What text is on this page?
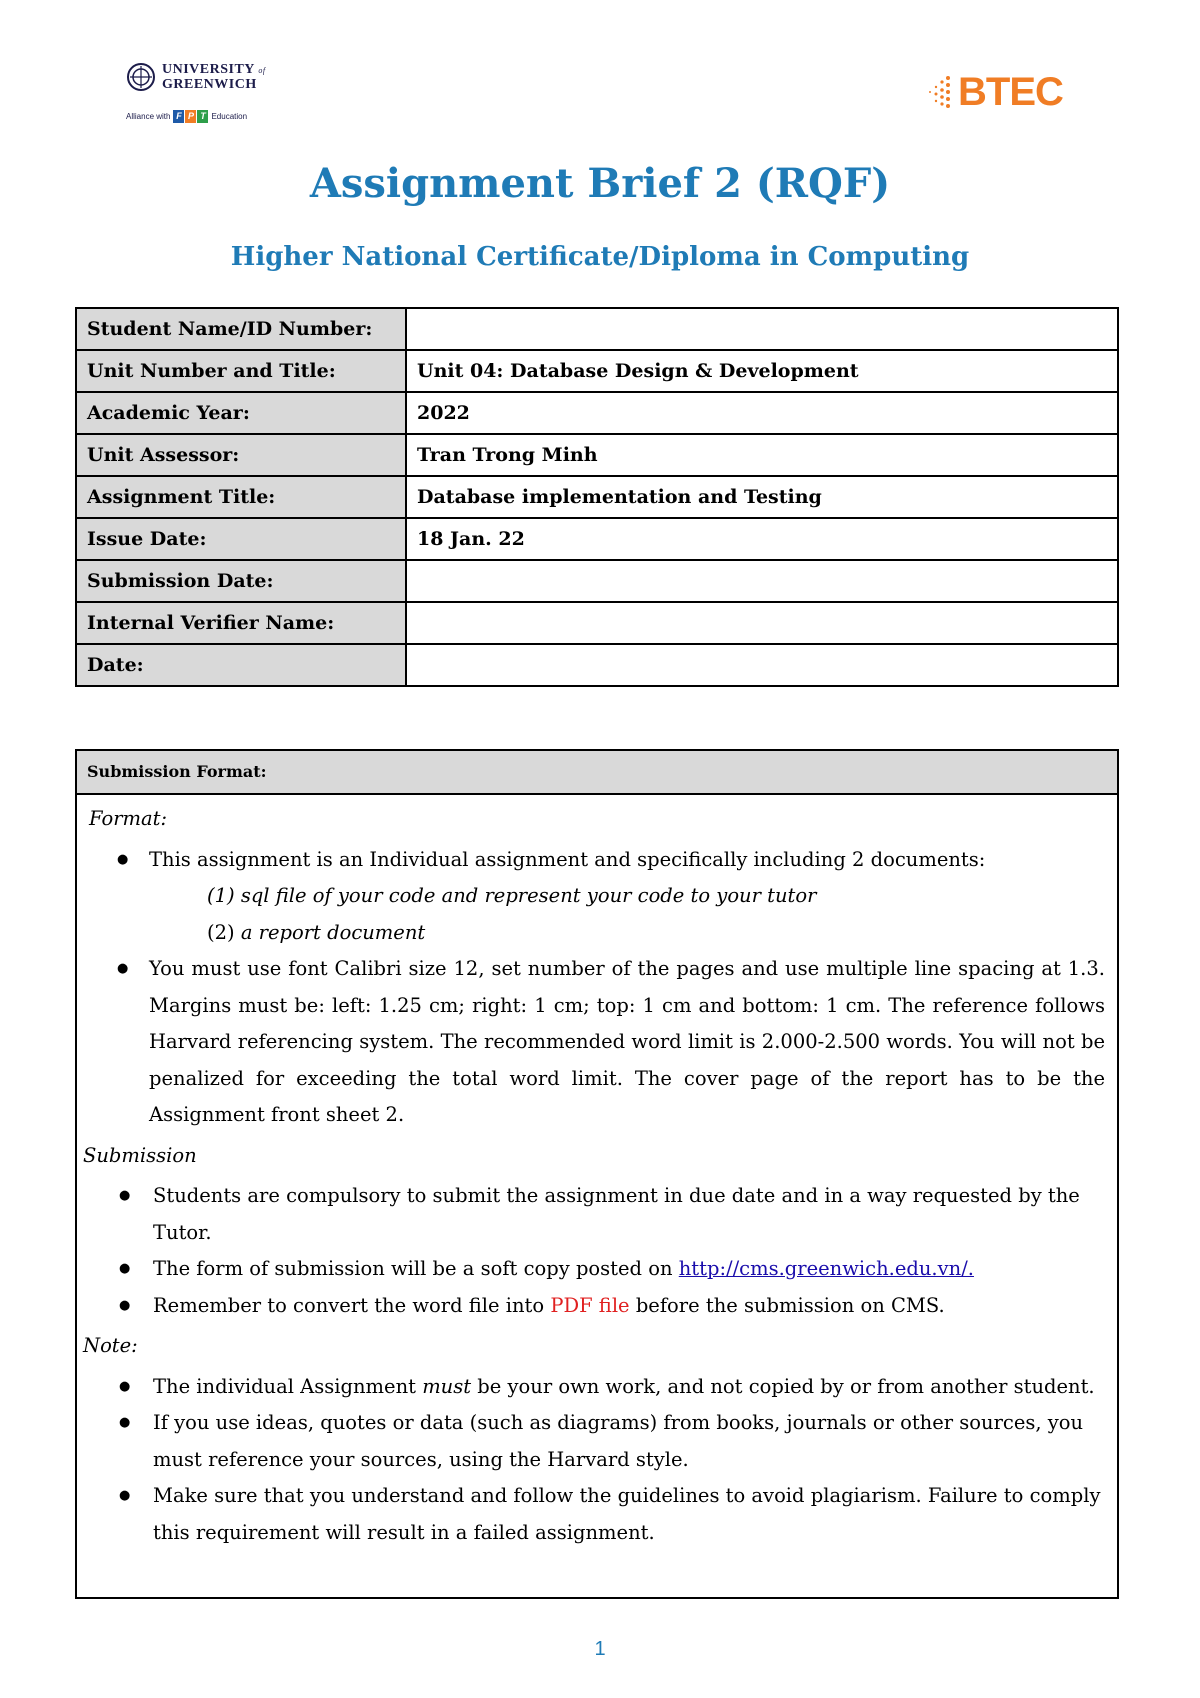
UNIVERSITY of
GREENWICH
Alliance with F P T Education
BTEC
Assignment Brief 2 (RQF)
Higher National Certificate/Diploma in Computing
Student Name/ID Number:	
Unit Number and Title:	Unit 04: Database Design & Development
Academic Year:	2022
Unit Assessor:	Tran Trong Minh
Assignment Title:	Database implementation and Testing
Issue Date:	18 Jan. 22
Submission Date:	
Internal Verifier Name:	
Date:	
Submission Format:
Format:
● This assignment is an Individual assignment and specifically including 2 documents:
(1) sql file of your code and represent your code to your tutor
(2) a report document
● You must use font Calibri size 12, set number of the pages and use multiple line spacing at 1.3. Margins must be: left: 1.25 cm; right: 1 cm; top: 1 cm and bottom: 1 cm. The reference follows Harvard referencing system. The recommended word limit is 2.000-2.500 words. You will not be penalized for exceeding the total word limit. The cover page of the report has to be the Assignment front sheet 2.
Submission
● Students are compulsory to submit the assignment in due date and in a way requested by the Tutor.
● The form of submission will be a soft copy posted on http://cms.greenwich.edu.vn/.
● Remember to convert the word file into PDF file before the submission on CMS.
Note:
● The individual Assignment must be your own work, and not copied by or from another student.
● If you use ideas, quotes or data (such as diagrams) from books, journals or other sources, you must reference your sources, using the Harvard style.
● Make sure that you understand and follow the guidelines to avoid plagiarism. Failure to comply this requirement will result in a failed assignment.
1
